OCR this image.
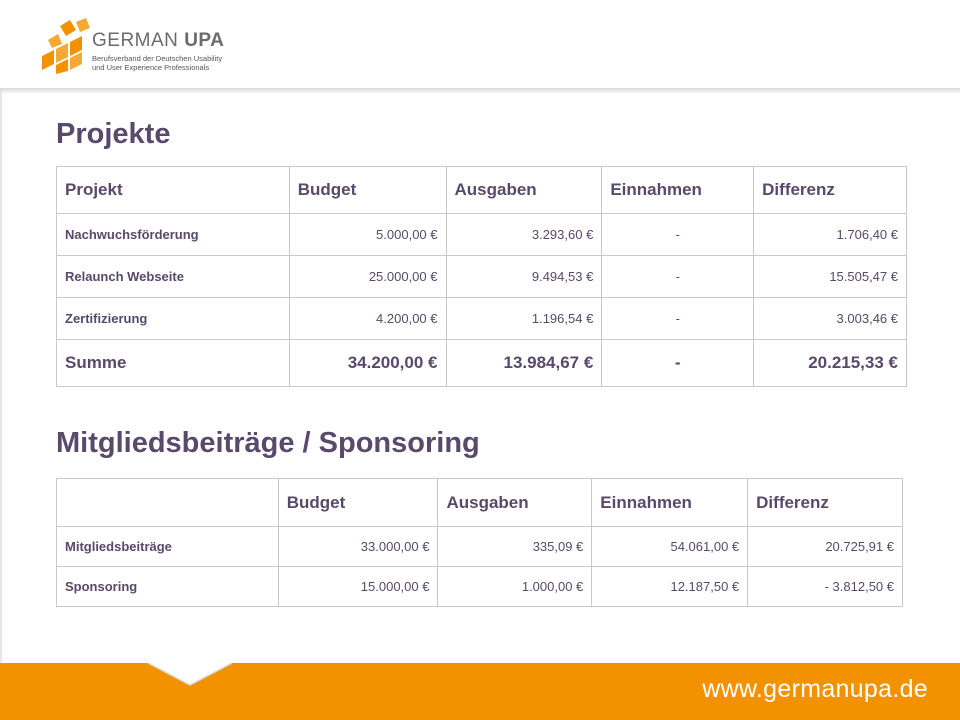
GERMAN UPA
Berufsverband der Deutschen Usability
und User Experience Professionals
Projekte
Projekt	Budget	Ausgaben	Einnahmen	Differenz
Nachwuchsförderung	5.000,00 €	3.293,60 €	-	1.706,40 €
Relaunch Webseite	25.000,00 €	9.494,53 €	-	15.505,47 €
Zertifizierung	4.200,00 €	1.196,54 €	-	3.003,46 €
Summe	34.200,00 €	13.984,67 €	-	20.215,33 €
Mitgliedsbeiträge / Sponsoring
	Budget	Ausgaben	Einnahmen	Differenz
Mitgliedsbeiträge	33.000,00 €	335,09 €	54.061,00 €	20.725,91 €
Sponsoring	15.000,00 €	1.000,00 €	12.187,50 €	- 3.812,50 €
www.germanupa.de
